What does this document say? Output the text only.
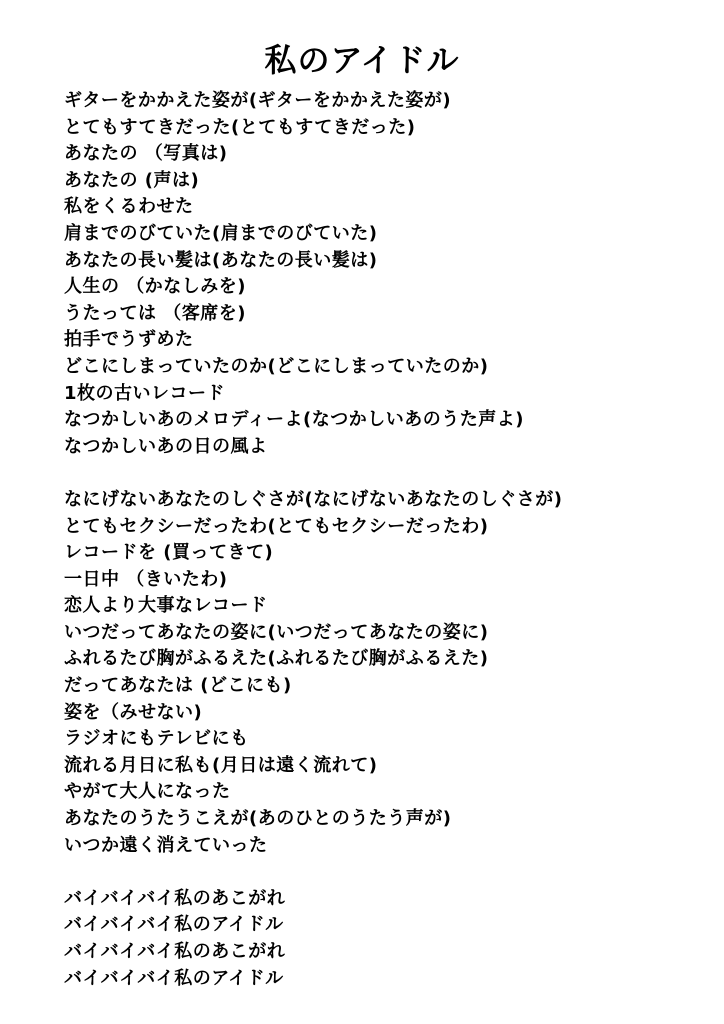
私のアイドル
ギターをかかえた姿が(ギターをかかえた姿が)
とてもすてきだった(とてもすてきだった)
あなたの （写真は)
あなたの (声は)
私をくるわせた
肩までのびていた(肩までのびていた)
あなたの長い髪は(あなたの長い髪は)
人生の （かなしみを)
うたっては （客席を)
拍手でうずめた
どこにしまっていたのか(どこにしまっていたのか)
1枚の古いレコード
なつかしいあのメロディーよ(なつかしいあのうた声よ)
なつかしいあの日の風よ
なにげないあなたのしぐさが(なにげないあなたのしぐさが)
とてもセクシーだったわ(とてもセクシーだったわ)
レコードを (買ってきて)
一日中 （きいたわ)
恋人より大事なレコード
いつだってあなたの姿に(いつだってあなたの姿に)
ふれるたび胸がふるえた(ふれるたび胸がふるえた)
だってあなたは (どこにも)
姿を（みせない)
ラジオにもテレビにも
流れる月日に私も(月日は遠く流れて)
やがて大人になった
あなたのうたうこえが(あのひとのうたう声が)
いつか遠く消えていった
バイバイバイ私のあこがれ
バイバイバイ私のアイドル
バイバイバイ私のあこがれ
バイバイバイ私のアイドル
